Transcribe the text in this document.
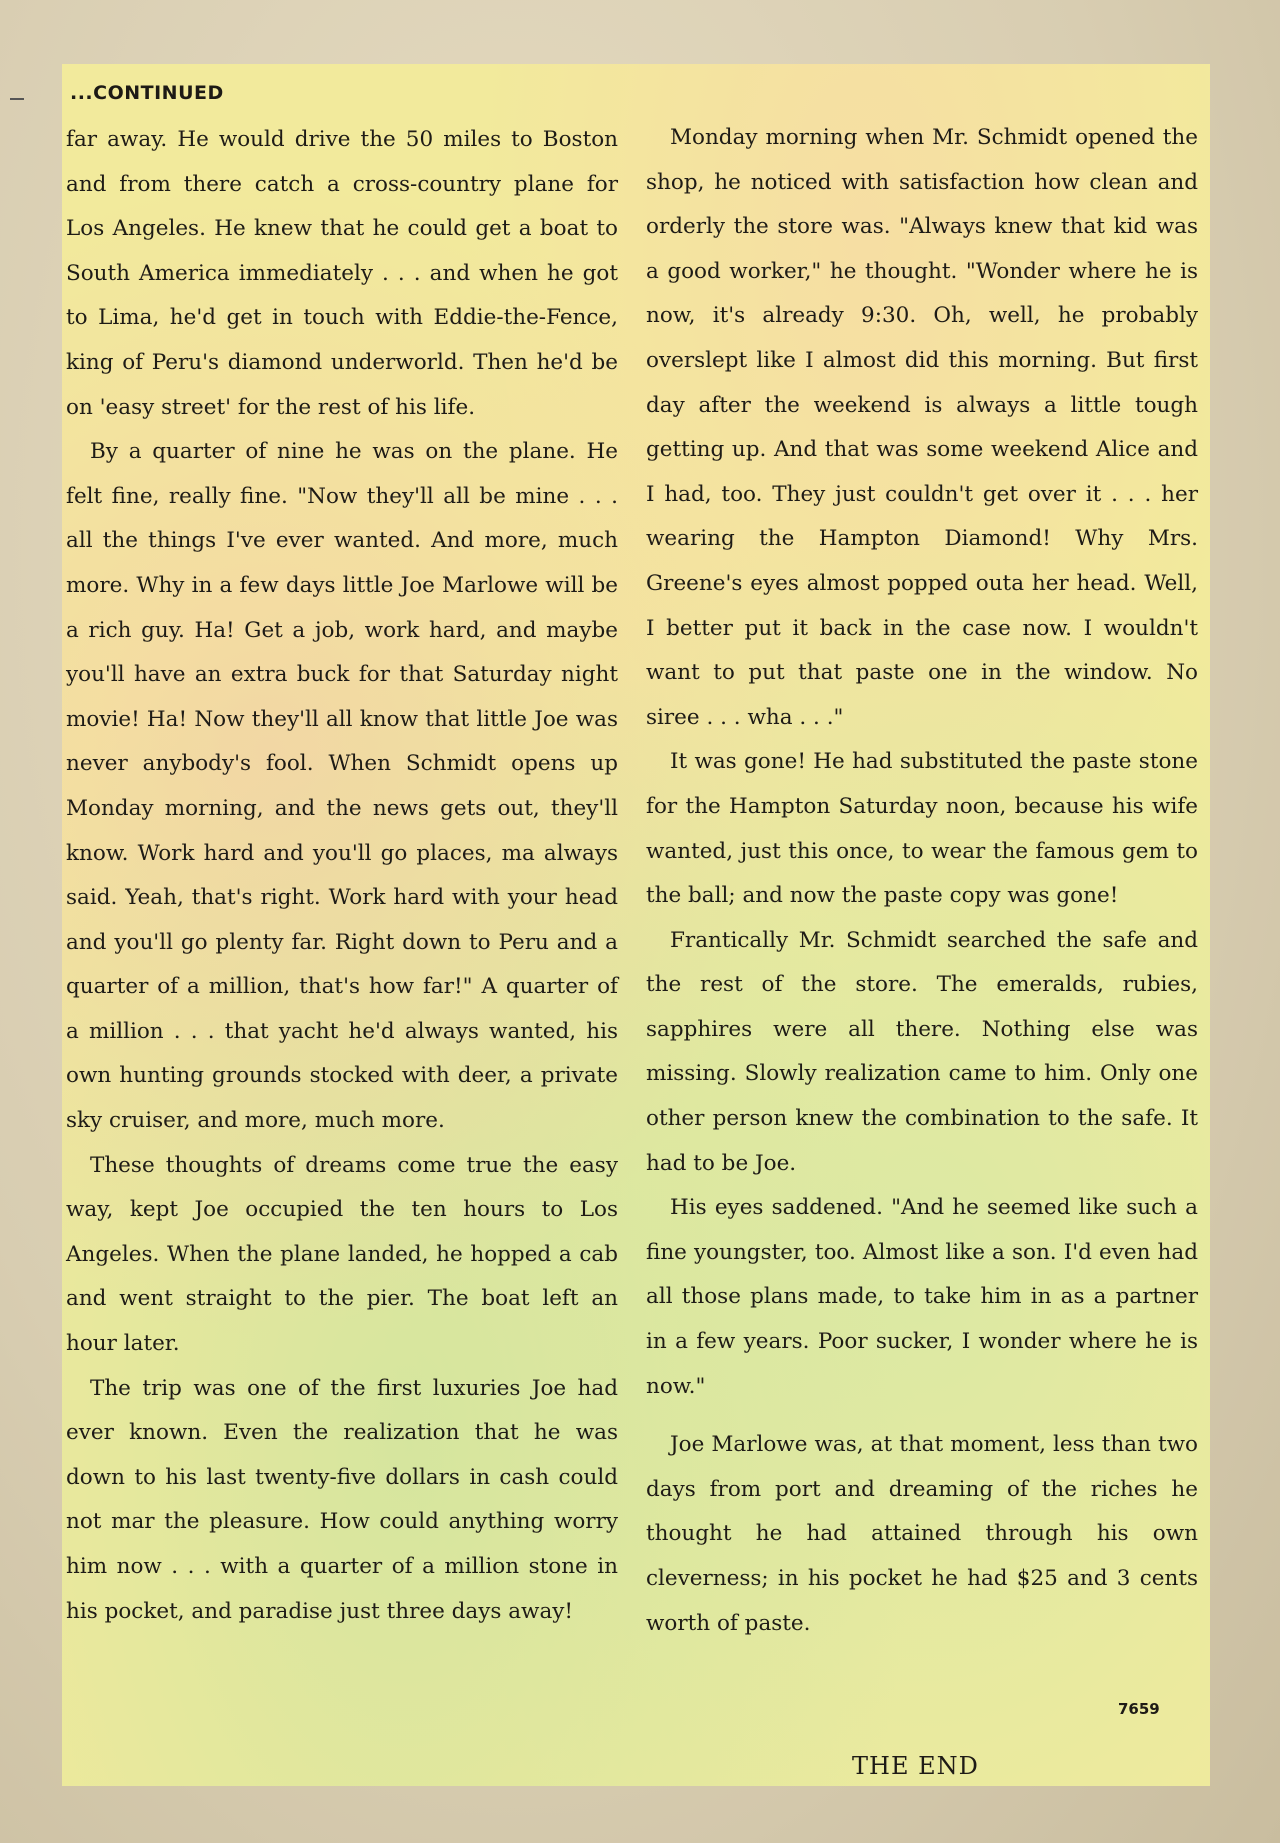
...CONTINUED

far away. He would drive the 50 miles to Boston and from there catch a cross-country plane for Los Angeles. He knew that he could get a boat to South America immediately . . . and when he got to Lima, he'd get in touch with Eddie-the-Fence, king of Peru's diamond underworld. Then he'd be on 'easy street' for the rest of his life.

By a quarter of nine he was on the plane. He felt fine, really fine. "Now they'll all be mine . . . all the things I've ever wanted. And more, much more. Why in a few days little Joe Marlowe will be a rich guy. Ha! Get a job, work hard, and maybe you'll have an extra buck for that Saturday night movie! Ha! Now they'll all know that little Joe was never anybody's fool. When Schmidt opens up Monday morning, and the news gets out, they'll know. Work hard and you'll go places, ma always said. Yeah, that's right. Work hard with your head and you'll go plenty far. Right down to Peru and a quarter of a million, that's how far!" A quarter of a million . . . that yacht he'd always wanted, his own hunting grounds stocked with deer, a private sky cruiser, and more, much more.

These thoughts of dreams come true the easy way, kept Joe occupied the ten hours to Los Angeles. When the plane landed, he hopped a cab and went straight to the pier. The boat left an hour later.

The trip was one of the first luxuries Joe had ever known. Even the realization that he was down to his last twenty-five dollars in cash could not mar the pleasure. How could anything worry him now . . . with a quarter of a million stone in his pocket, and paradise just three days away!

Monday morning when Mr. Schmidt opened the shop, he noticed with satisfaction how clean and orderly the store was. "Always knew that kid was a good worker," he thought. "Wonder where he is now, it's already 9:30. Oh, well, he probably overslept like I almost did this morning. But first day after the weekend is always a little tough getting up. And that was some weekend Alice and I had, too. They just couldn't get over it . . . her wearing the Hampton Diamond! Why Mrs. Greene's eyes almost popped outa her head. Well, I better put it back in the case now. I wouldn't want to put that paste one in the window. No siree . . . wha . . ."

It was gone! He had substituted the paste stone for the Hampton Saturday noon, because his wife wanted, just this once, to wear the famous gem to the ball; and now the paste copy was gone!

Frantically Mr. Schmidt searched the safe and the rest of the store. The emeralds, rubies, sapphires were all there. Nothing else was missing. Slowly realization came to him. Only one other person knew the combination to the safe. It had to be Joe.

His eyes saddened. "And he seemed like such a fine youngster, too. Almost like a son. I'd even had all those plans made, to take him in as a partner in a few years. Poor sucker, I wonder where he is now."

Joe Marlowe was, at that moment, less than two days from port and dreaming of the riches he thought he had attained through his own cleverness; in his pocket he had $25 and 3 cents worth of paste.

7659
THE END
